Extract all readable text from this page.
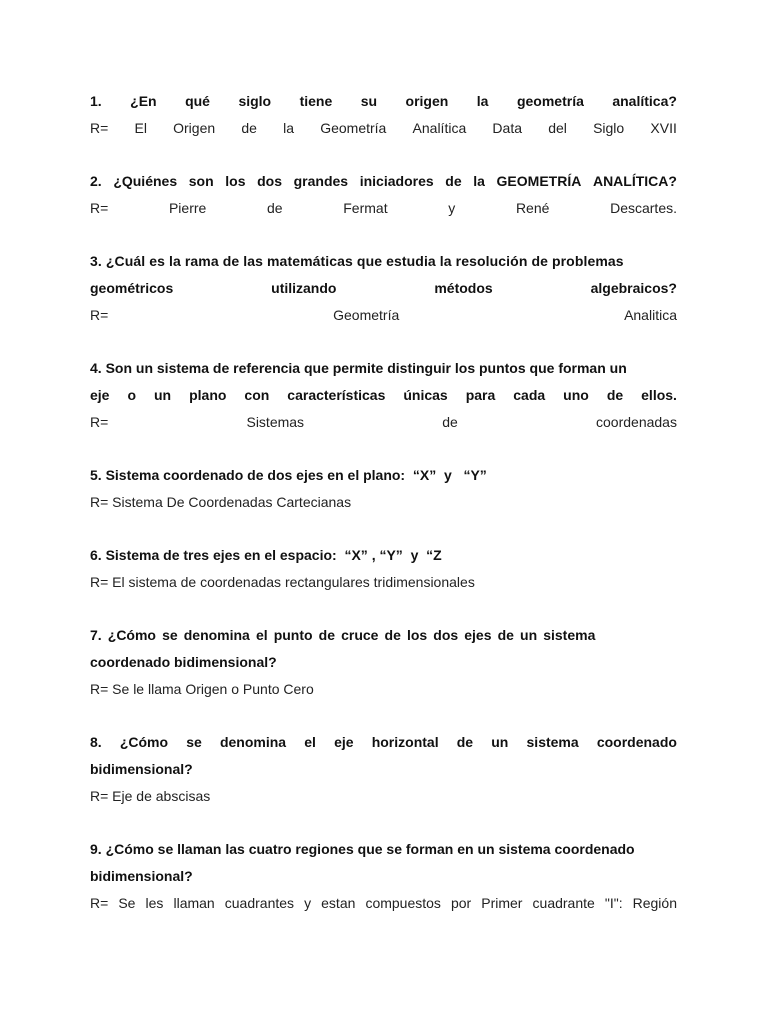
1. ¿En qué siglo tiene su origen la geometría analítica?
R= El Origen de la Geometría Analítica Data del Siglo XVII
2. ¿Quiénes son los dos grandes iniciadores de la GEOMETRÍA ANALÍTICA?
R=	Pierre	de	Fermat	y	René	Descartes.
3. ¿Cuál es la rama de las matemáticas que estudia la resolución de problemas
geométricos	utilizando	métodos	algebraicos?
R=	Geometría	Analitica
4. Son un sistema de referencia que permite distinguir los puntos que forman un
eje o un plano con características únicas para cada uno de ellos.
R=	Sistemas	de	coordenadas
5. Sistema coordenado de dos ejes en el plano:  “X”  y   “Y”
R= Sistema De Coordenadas Cartecianas
6. Sistema de tres ejes en el espacio:  “X” , “Y”  y  “Z
R= El sistema de coordenadas rectangulares tridimensionales
7. ¿Cómo se denomina el punto de cruce de los dos ejes de un sistema
coordenado bidimensional?
R= Se le llama Origen o Punto Cero
8. ¿Cómo se denomina el eje horizontal de un sistema coordenado
bidimensional?
R= Eje de abscisas
9. ¿Cómo se llaman las cuatro regiones que se forman en un sistema coordenado
bidimensional?
R= Se les llaman cuadrantes y estan compuestos por Primer cuadrante "I": Región
